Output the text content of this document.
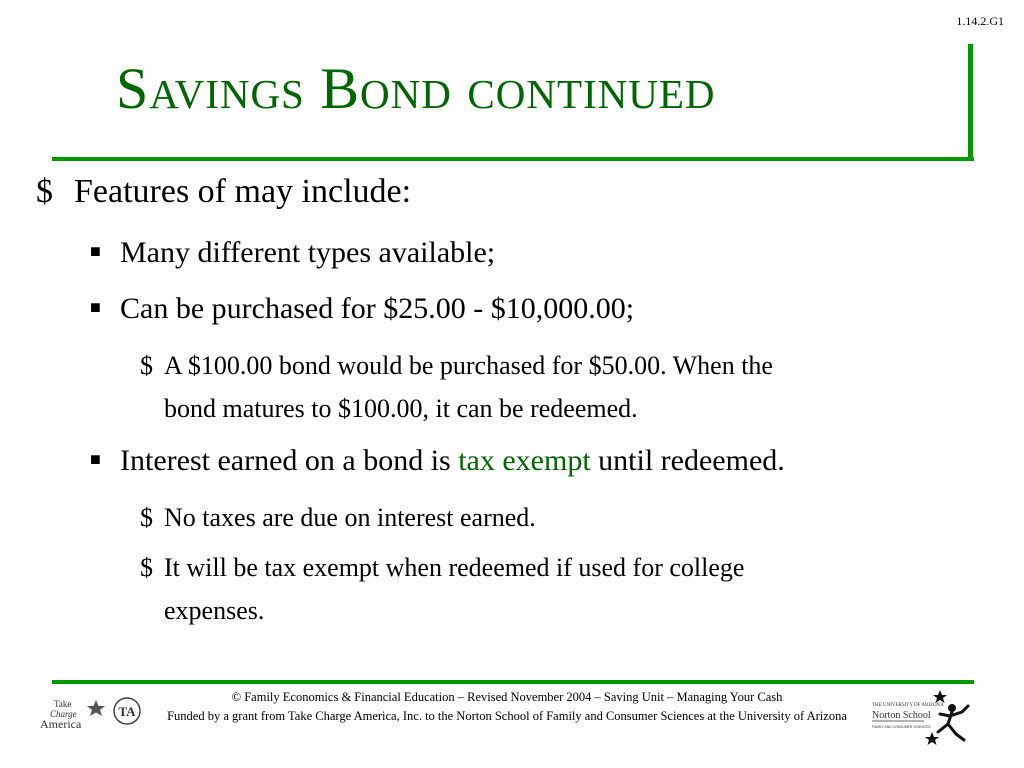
1.14.2.G1
Savings Bond continued
$ Features of may include:
■ Many different types available;
■ Can be purchased for $25.00 - $10,000.00;
$ A $100.00 bond would be purchased for $50.00. When the
bond matures to $100.00, it can be redeemed.
■ Interest earned on a bond is tax exempt until redeemed.
$ No taxes are due on interest earned.
$ It will be tax exempt when redeemed if used for college
expenses.
Take
Charge
America
TA
© Family Economics & Financial Education – Revised November 2004 – Saving Unit – Managing Your Cash
Funded by a grant from Take Charge America, Inc. to the Norton School of Family and Consumer Sciences at the University of Arizona
THE UNIVERSITY OF ARIZONA
Norton School
FAMILY AND CONSUMER SCIENCES
